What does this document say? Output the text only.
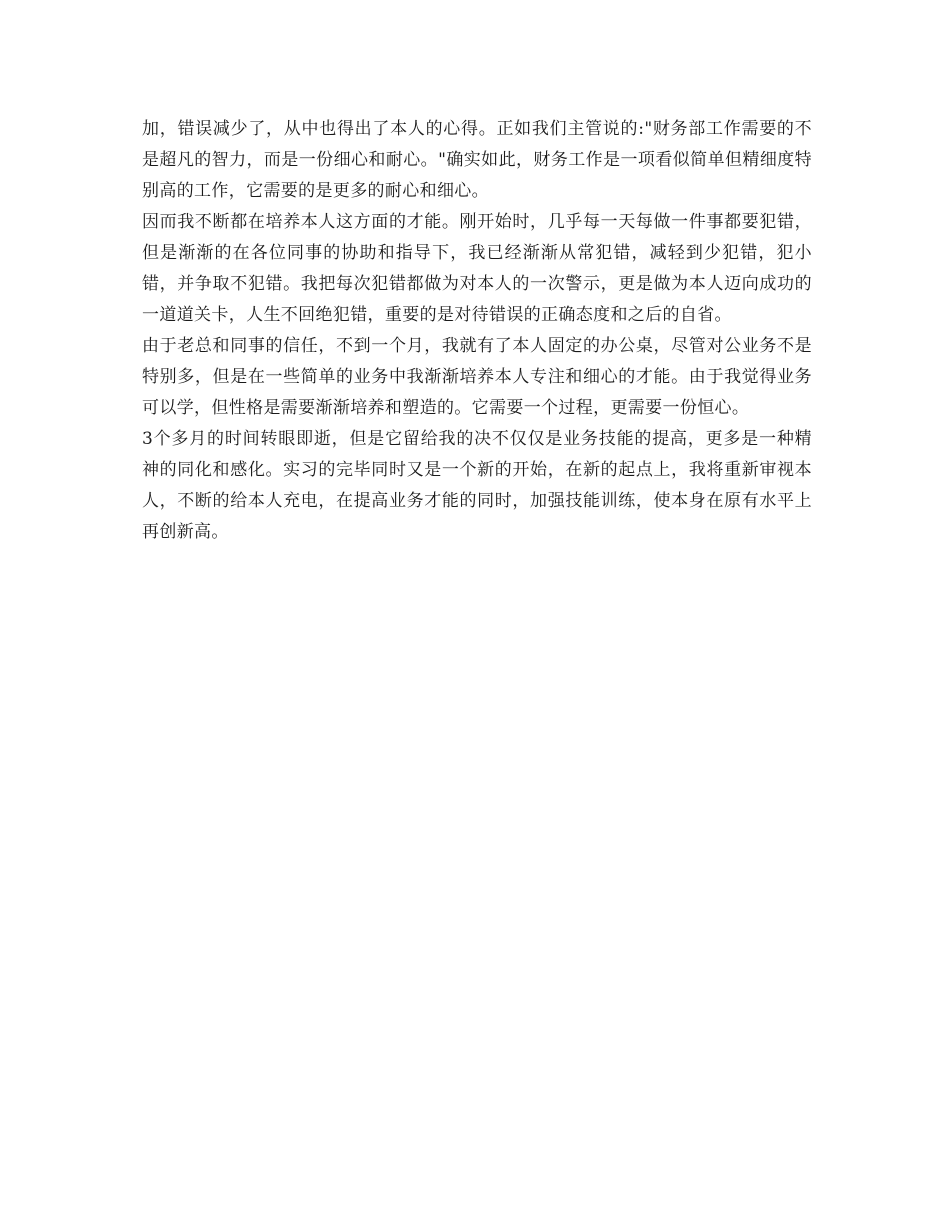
加，错误减少了，从中也得出了本人的心得。正如我们主管说的:"财务部工作需要的不是超凡的智力，而是一份细心和耐心。"确实如此，财务工作是一项看似简单但精细度特别高的工作，它需要的是更多的耐心和细心。

因而我不断都在培养本人这方面的才能。刚开始时，几乎每一天每做一件事都要犯错，但是渐渐的在各位同事的协助和指导下，我已经渐渐从常犯错，减轻到少犯错，犯小错，并争取不犯错。我把每次犯错都做为对本人的一次警示，更是做为本人迈向成功的一道道关卡，人生不回绝犯错，重要的是对待错误的正确态度和之后的自省。

由于老总和同事的信任，不到一个月，我就有了本人固定的办公桌，尽管对公业务不是特别多，但是在一些简单的业务中我渐渐培养本人专注和细心的才能。由于我觉得业务可以学，但性格是需要渐渐培养和塑造的。它需要一个过程，更需要一份恒心。

3个多月的时间转眼即逝，但是它留给我的决不仅仅是业务技能的提高，更多是一种精神的同化和感化。实习的完毕同时又是一个新的开始，在新的起点上，我将重新审视本人，不断的给本人充电，在提高业务才能的同时，加强技能训练，使本身在原有水平上再创新高。
